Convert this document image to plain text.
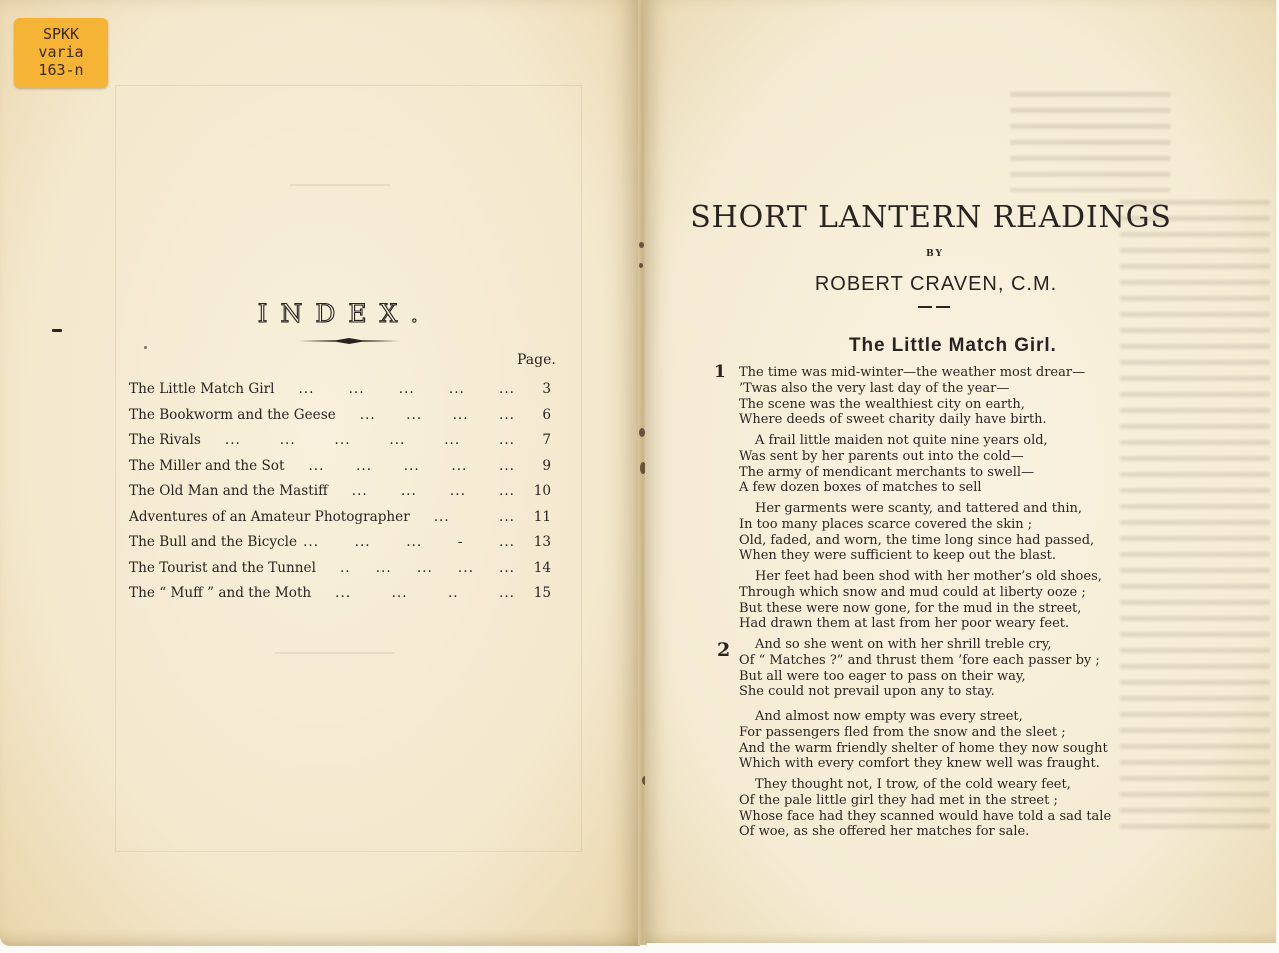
SPKK
varia
163-n
INDEX.
Page.
The Little Match Girl ... ... ... ... ...	3
The Bookworm and the Geese ... ... ... ...	6
The Rivals ... ... ... ... ... ...	7
The Miller and the Sot ... ... ... ... ...	9
The Old Man and the Mastiff ... ... ... ...	10
Adventures of an Amateur Photographer ... ...	11
The Bull and the Bicycle ... ... ... - ...	13
The Tourist and the Tunnel .. ... ... ... ...	14
The “ Muff ” and the Moth ... ... .. ...	15
SHORT LANTERN READINGS
BY
ROBERT CRAVEN, C.M.
The Little Match Girl.
1
2
The time was mid-winter—the weather most drear—
’Twas also the very last day of the year—
The scene was the wealthiest city on earth,
Where deeds of sweet charity daily have birth.
A frail little maiden not quite nine years old,
Was sent by her parents out into the cold—
The army of mendicant merchants to swell—
A few dozen boxes of matches to sell
Her garments were scanty, and tattered and thin,
In too many places scarce covered the skin ;
Old, faded, and worn, the time long since had passed,
When they were sufficient to keep out the blast.
Her feet had been shod with her mother’s old shoes,
Through which snow and mud could at liberty ooze ;
But these were now gone, for the mud in the street,
Had drawn them at last from her poor weary feet.
And so she went on with her shrill treble cry,
Of “ Matches ?” and thrust them ’fore each passer by ;
But all were too eager to pass on their way,
She could not prevail upon any to stay.
And almost now empty was every street,
For passengers fled from the snow and the sleet ;
And the warm friendly shelter of home they now sought
Which with every comfort they knew well was fraught.
They thought not, I trow, of the cold weary feet,
Of the pale little girl they had met in the street ;
Whose face had they scanned would have told a sad tale
Of woe, as she offered her matches for sale.
